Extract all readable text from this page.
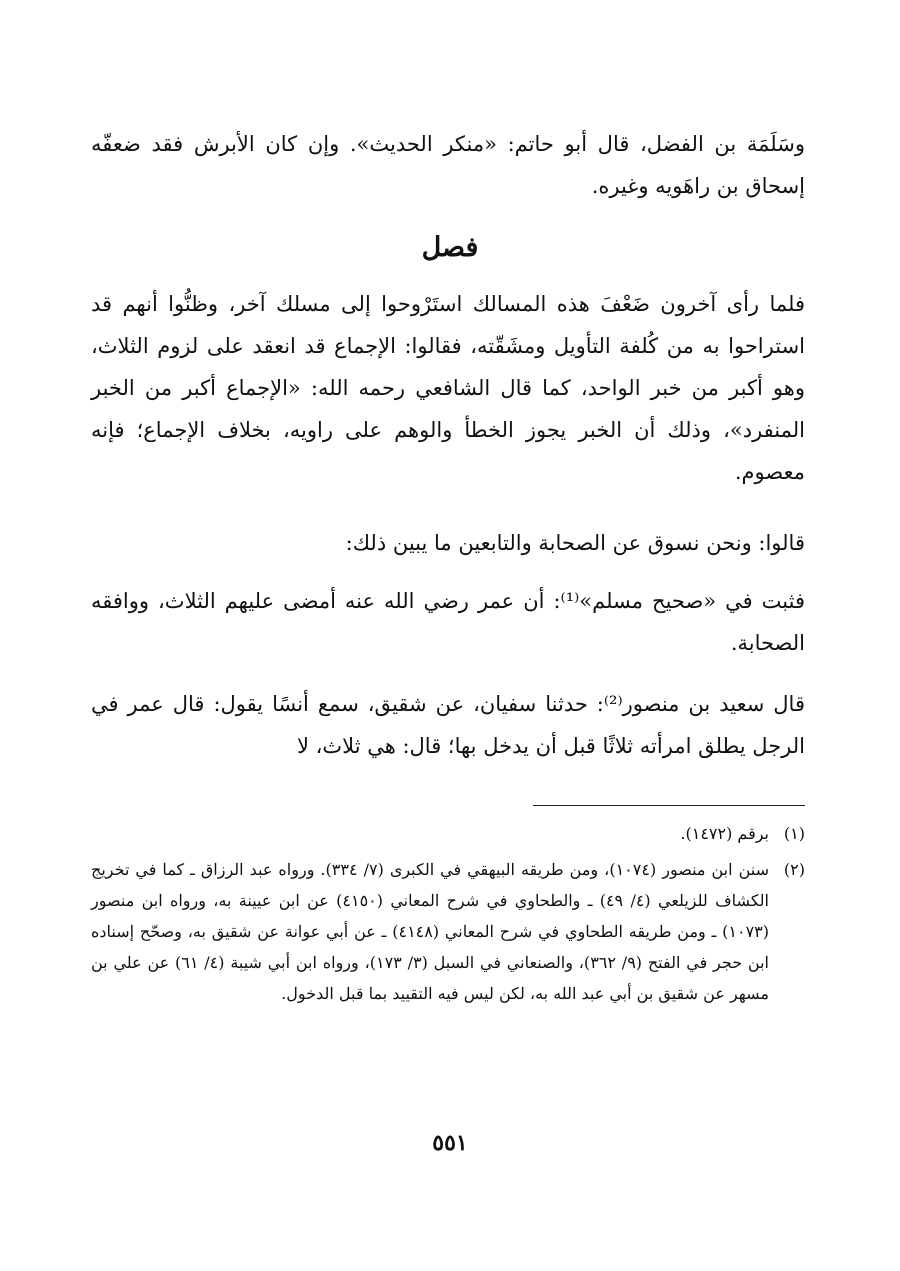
وسَلَمَة بن الفضل، قال أبو حاتم: «منكر الحديث». وإن كان الأبرش فقد ضعفّه إسحاق بن راهَويه وغيره.

فصل

فلما رأى آخرون ضَعْفَ هذه المسالك استَرْوحوا إلى مسلك آخر، وظنُّوا أنهم قد استراحوا به من كُلفة التأويل ومشَقّته، فقالوا: الإجماع قد انعقد على لزوم الثلاث، وهو أكبر من خبر الواحد، كما قال الشافعي رحمه الله: «الإجماع أكبر من الخبر المنفرد»، وذلك أن الخبر يجوز الخطأ والوهم على راويه، بخلاف الإجماع؛ فإنه معصوم.

قالوا: ونحن نسوق عن الصحابة والتابعين ما يبين ذلك:

فثبت في «صحيح مسلم»⁽¹⁾: أن عمر رضي الله عنه أمضى عليهم الثلاث، ووافقه الصحابة.

قال سعيد بن منصور⁽²⁾: حدثنا سفيان، عن شقيق، سمع أنسًا يقول: قال عمر في الرجل يطلق امرأته ثلاثًا قبل أن يدخل بها؛ قال: هي ثلاث، لا

(١)
برقم (١٤٧٢).
(٢)
سنن ابن منصور (١٠٧٤)، ومن طريقه البيهقي في الكبرى (٧/ ٣٣٤). ورواه عبد الرزاق ـ كما في تخريج الكشاف للزيلعي (٤/ ٤٩) ـ والطحاوي في شرح المعاني (٤١٥٠) عن ابن عيينة به، ورواه ابن منصور (١٠٧٣) ـ ومن طريقه الطحاوي في شرح المعاني (٤١٤٨) ـ عن أبي عوانة عن شقيق به، وصحّح إسناده ابن حجر في الفتح (٩/ ٣٦٢)، والصنعاني في السبل (٣/ ١٧٣)، ورواه ابن أبي شيبة (٤/ ٦١) عن علي بن مسهر عن شقيق بن أبي عبد الله به، لكن ليس فيه التقييد بما قبل الدخول.
٥٥١
